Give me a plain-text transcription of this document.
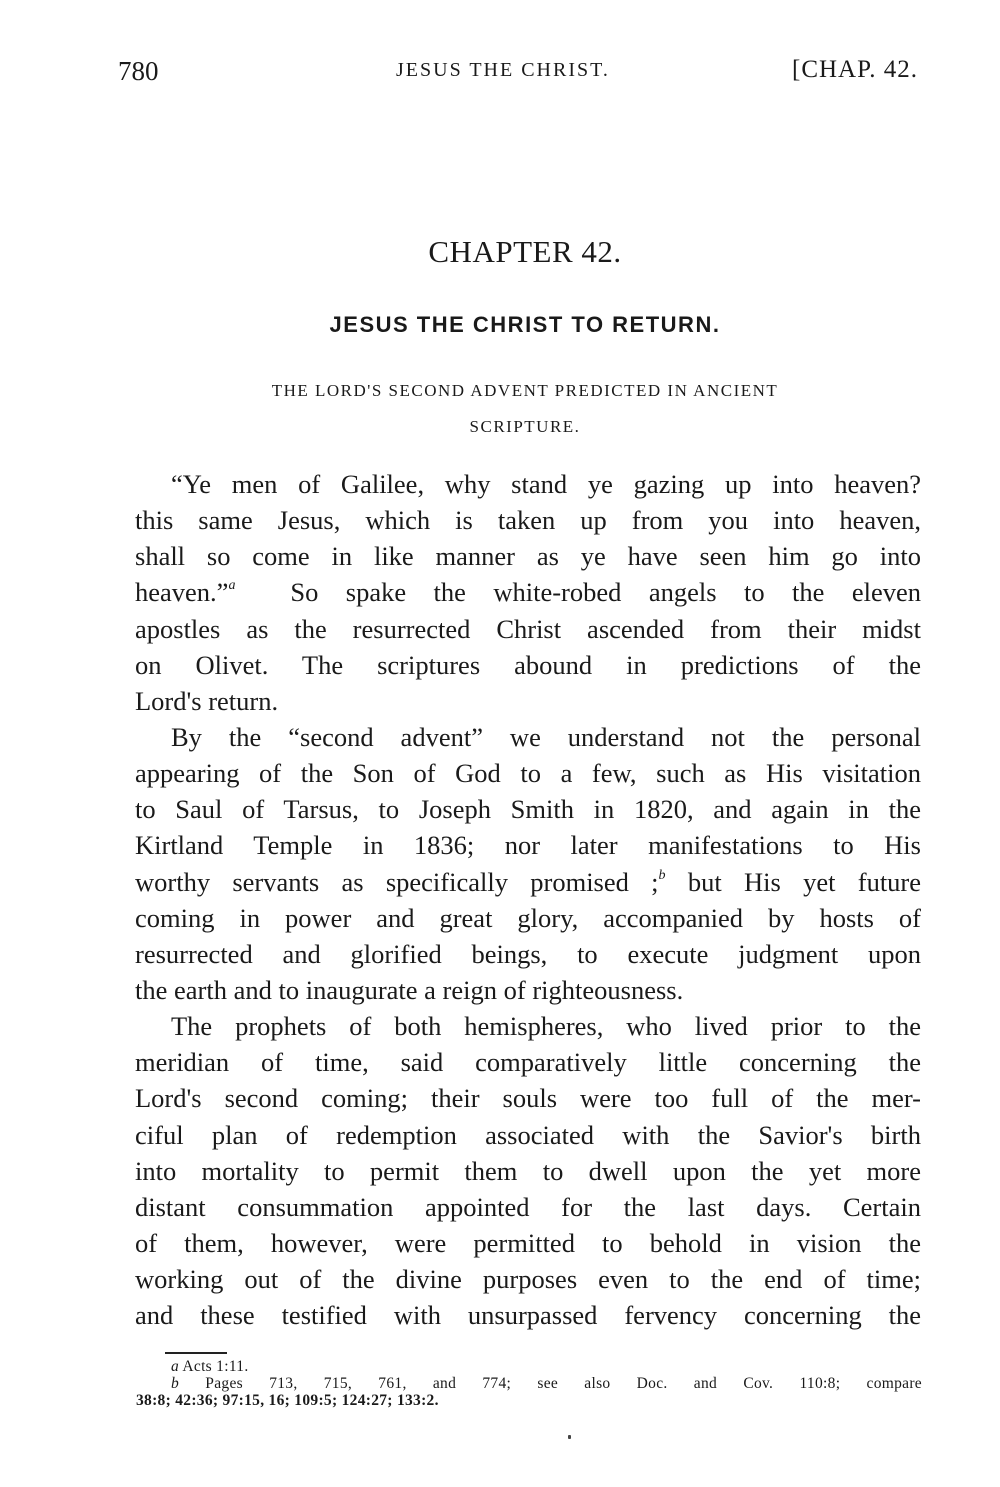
780	JESUS THE CHRIST.	[CHAP. 42.
CHAPTER 42.
JESUS THE CHRIST TO RETURN.
THE LORD'S SECOND ADVENT PREDICTED IN ANCIENT
SCRIPTURE.
“Ye men of Galilee, why stand ye gazing up into heaven?
this same Jesus, which is taken up from you into heaven,
shall so come in like manner as ye have seen him go into
heaven.”$^a$ So spake the white-robed angels to the eleven
apostles as the resurrected Christ ascended from their midst
on Olivet. The scriptures abound in predictions of the
Lord's return.
By the “second advent” we understand not the personal
appearing of the Son of God to a few, such as His visitation
to Saul of Tarsus, to Joseph Smith in 1820, and again in the
Kirtland Temple in 1836; nor later manifestations to His
worthy servants as specifically promised ;$^b$ but His yet future
coming in power and great glory, accompanied by hosts of
resurrected and glorified beings, to execute judgment upon
the earth and to inaugurate a reign of righteousness.
The prophets of both hemispheres, who lived prior to the
meridian of time, said comparatively little concerning the
Lord's second coming; their souls were too full of the mer-
ciful plan of redemption associated with the Savior's birth
into mortality to permit them to dwell upon the yet more
distant consummation appointed for the last days. Certain
of them, however, were permitted to behold in vision the
working out of the divine purposes even to the end of time;
and these testified with unsurpassed fervency concerning the
a Acts 1:11.
b Pages 713, 715, 761, and 774; see also Doc. and Cov. 110:8; compare
38:8; 42:36; 97:15, 16; 109:5; 124:27; 133:2.
